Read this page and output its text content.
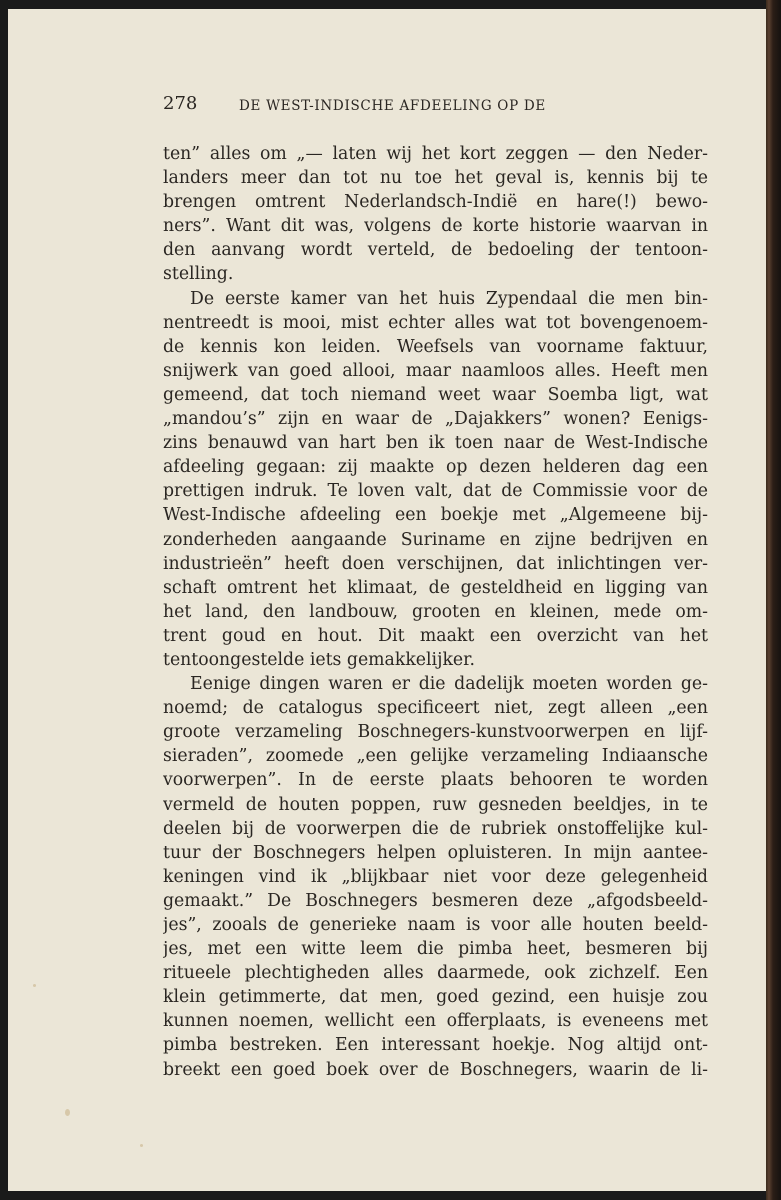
278	DE WEST-INDISCHE AFDEELING OP DE
ten” alles om „— laten wij het kort zeggen — den Neder-
landers meer dan tot nu toe het geval is, kennis bij te
brengen omtrent Nederlandsch-Indië en hare(!) bewo-
ners”. Want dit was, volgens de korte historie waarvan in
den aanvang wordt verteld, de bedoeling der tentoon-
stelling.
De eerste kamer van het huis Zypendaal die men bin-
nentreedt is mooi, mist echter alles wat tot bovengenoem-
de kennis kon leiden. Weefsels van voorname faktuur,
snijwerk van goed allooi, maar naamloos alles. Heeft men
gemeend, dat toch niemand weet waar Soemba ligt, wat
„mandou’s” zijn en waar de „Dajakkers” wonen? Eenigs-
zins benauwd van hart ben ik toen naar de West-Indische
afdeeling gegaan: zij maakte op dezen helderen dag een
prettigen indruk. Te loven valt, dat de Commissie voor de
West-Indische afdeeling een boekje met „Algemeene bij-
zonderheden aangaande Suriname en zijne bedrijven en
industrieën” heeft doen verschijnen, dat inlichtingen ver-
schaft omtrent het klimaat, de gesteldheid en ligging van
het land, den landbouw, grooten en kleinen, mede om-
trent goud en hout. Dit maakt een overzicht van het
tentoongestelde iets gemakkelijker.
Eenige dingen waren er die dadelijk moeten worden ge-
noemd; de catalogus specificeert niet, zegt alleen „een
groote verzameling Boschnegers-kunstvoorwerpen en lijf-
sieraden”, zoomede „een gelijke verzameling Indiaansche
voorwerpen”. In de eerste plaats behooren te worden
vermeld de houten poppen, ruw gesneden beeldjes, in te
deelen bij de voorwerpen die de rubriek onstoffelijke kul-
tuur der Boschnegers helpen opluisteren. In mijn aantee-
keningen vind ik „blijkbaar niet voor deze gelegenheid
gemaakt.” De Boschnegers besmeren deze „afgodsbeeld-
jes”, zooals de generieke naam is voor alle houten beeld-
jes, met een witte leem die pimba heet, besmeren bij
ritueele plechtigheden alles daarmede, ook zichzelf. Een
klein getimmerte, dat men, goed gezind, een huisje zou
kunnen noemen, wellicht een offerplaats, is eveneens met
pimba bestreken. Een interessant hoekje. Nog altijd ont-
breekt een goed boek over de Boschnegers, waarin de li-
